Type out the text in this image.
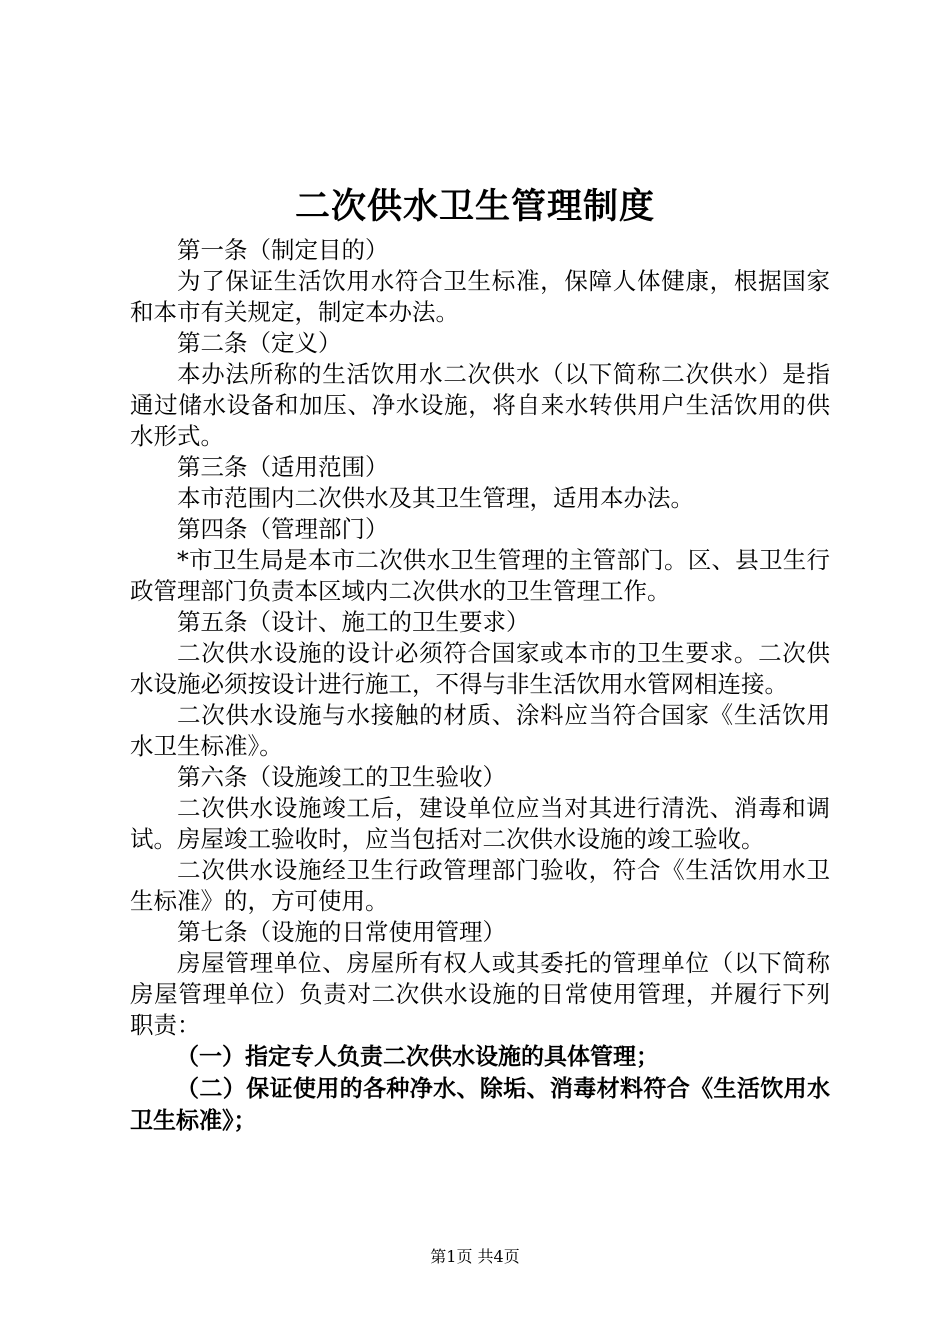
二次供水卫生管理制度

第一条（制定目的）

为了保证生活饮用水符合卫生标准，保障人体健康，根据国家和本市有关规定，制定本办法。

第二条（定义）

本办法所称的生活饮用水二次供水（以下简称二次供水）是指通过储水设备和加压、净水设施，将自来水转供用户生活饮用的供水形式。

第三条（适用范围）

本市范围内二次供水及其卫生管理，适用本办法。

第四条（管理部门）

*市卫生局是本市二次供水卫生管理的主管部门。区、县卫生行政管理部门负责本区域内二次供水的卫生管理工作。

第五条（设计、施工的卫生要求）

二次供水设施的设计必须符合国家或本市的卫生要求。二次供水设施必须按设计进行施工，不得与非生活饮用水管网相连接。

二次供水设施与水接触的材质、涂料应当符合国家《生活饮用水卫生标准》。

第六条（设施竣工的卫生验收）

二次供水设施竣工后，建设单位应当对其进行清洗、消毒和调试。房屋竣工验收时，应当包括对二次供水设施的竣工验收。

二次供水设施经卫生行政管理部门验收，符合《生活饮用水卫生标准》的，方可使用。

第七条（设施的日常使用管理）

房屋管理单位、房屋所有权人或其委托的管理单位（以下简称房屋管理单位）负责对二次供水设施的日常使用管理，并履行下列职责：

（一）指定专人负责二次供水设施的具体管理；

（二）保证使用的各种净水、除垢、消毒材料符合《生活饮用水卫生标准》；

第1页 共4页
